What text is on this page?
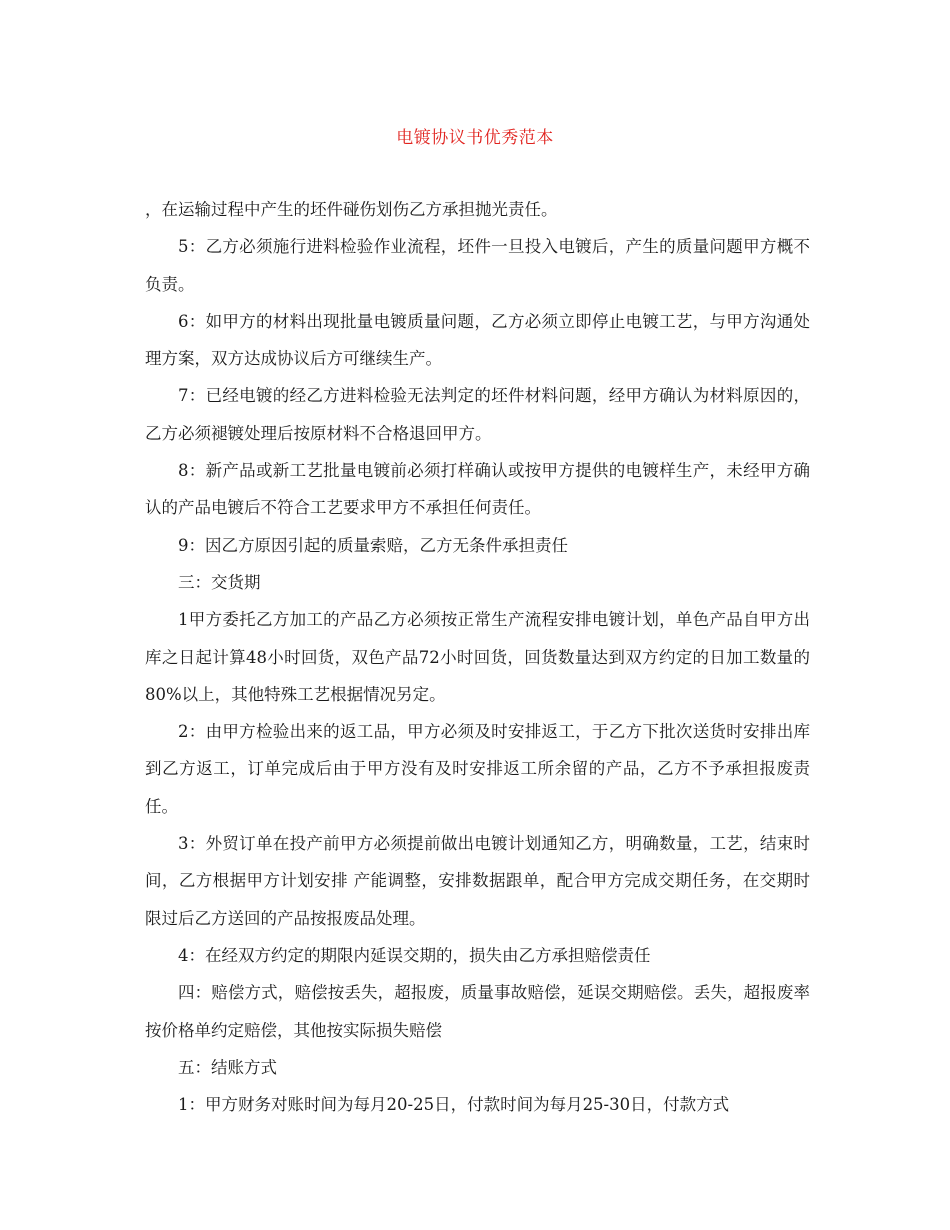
电镀协议书优秀范本

，在运输过程中产生的坯件碰伤划伤乙方承担抛光责任。

5：乙方必须施行进料检验作业流程，坯件一旦投入电镀后，产生的质量问题甲方概不负责。

6：如甲方的材料出现批量电镀质量问题，乙方必须立即停止电镀工艺，与甲方沟通处理方案，双方达成协议后方可继续生产。

7：已经电镀的经乙方进料检验无法判定的坯件材料问题，经甲方确认为材料原因的，乙方必须褪镀处理后按原材料不合格退回甲方。

8：新产品或新工艺批量电镀前必须打样确认或按甲方提供的电镀样生产，未经甲方确认的产品电镀后不符合工艺要求甲方不承担任何责任。

9：因乙方原因引起的质量索赔，乙方无条件承担责任

三：交货期

1甲方委托乙方加工的产品乙方必须按正常生产流程安排电镀计划，单色产品自甲方出库之日起计算48小时回货，双色产品72小时回货，回货数量达到双方约定的日加工数量的80%以上，其他特殊工艺根据情况另定。

2：由甲方检验出来的返工品，甲方必须及时安排返工，于乙方下批次送货时安排出库到乙方返工，订单完成后由于甲方没有及时安排返工所余留的产品，乙方不予承担报废责任。

3：外贸订单在投产前甲方必须提前做出电镀计划通知乙方，明确数量，工艺，结束时间，乙方根据甲方计划安排 产能调整，安排数据跟单，配合甲方完成交期任务，在交期时限过后乙方送回的产品按报废品处理。

4：在经双方约定的期限内延误交期的，损失由乙方承担赔偿责任

四：赔偿方式，赔偿按丢失，超报废，质量事故赔偿，延误交期赔偿。丢失，超报废率按价格单约定赔偿，其他按实际损失赔偿

五：结账方式

1：甲方财务对账时间为每月20-25日，付款时间为每月25-30日，付款方式
